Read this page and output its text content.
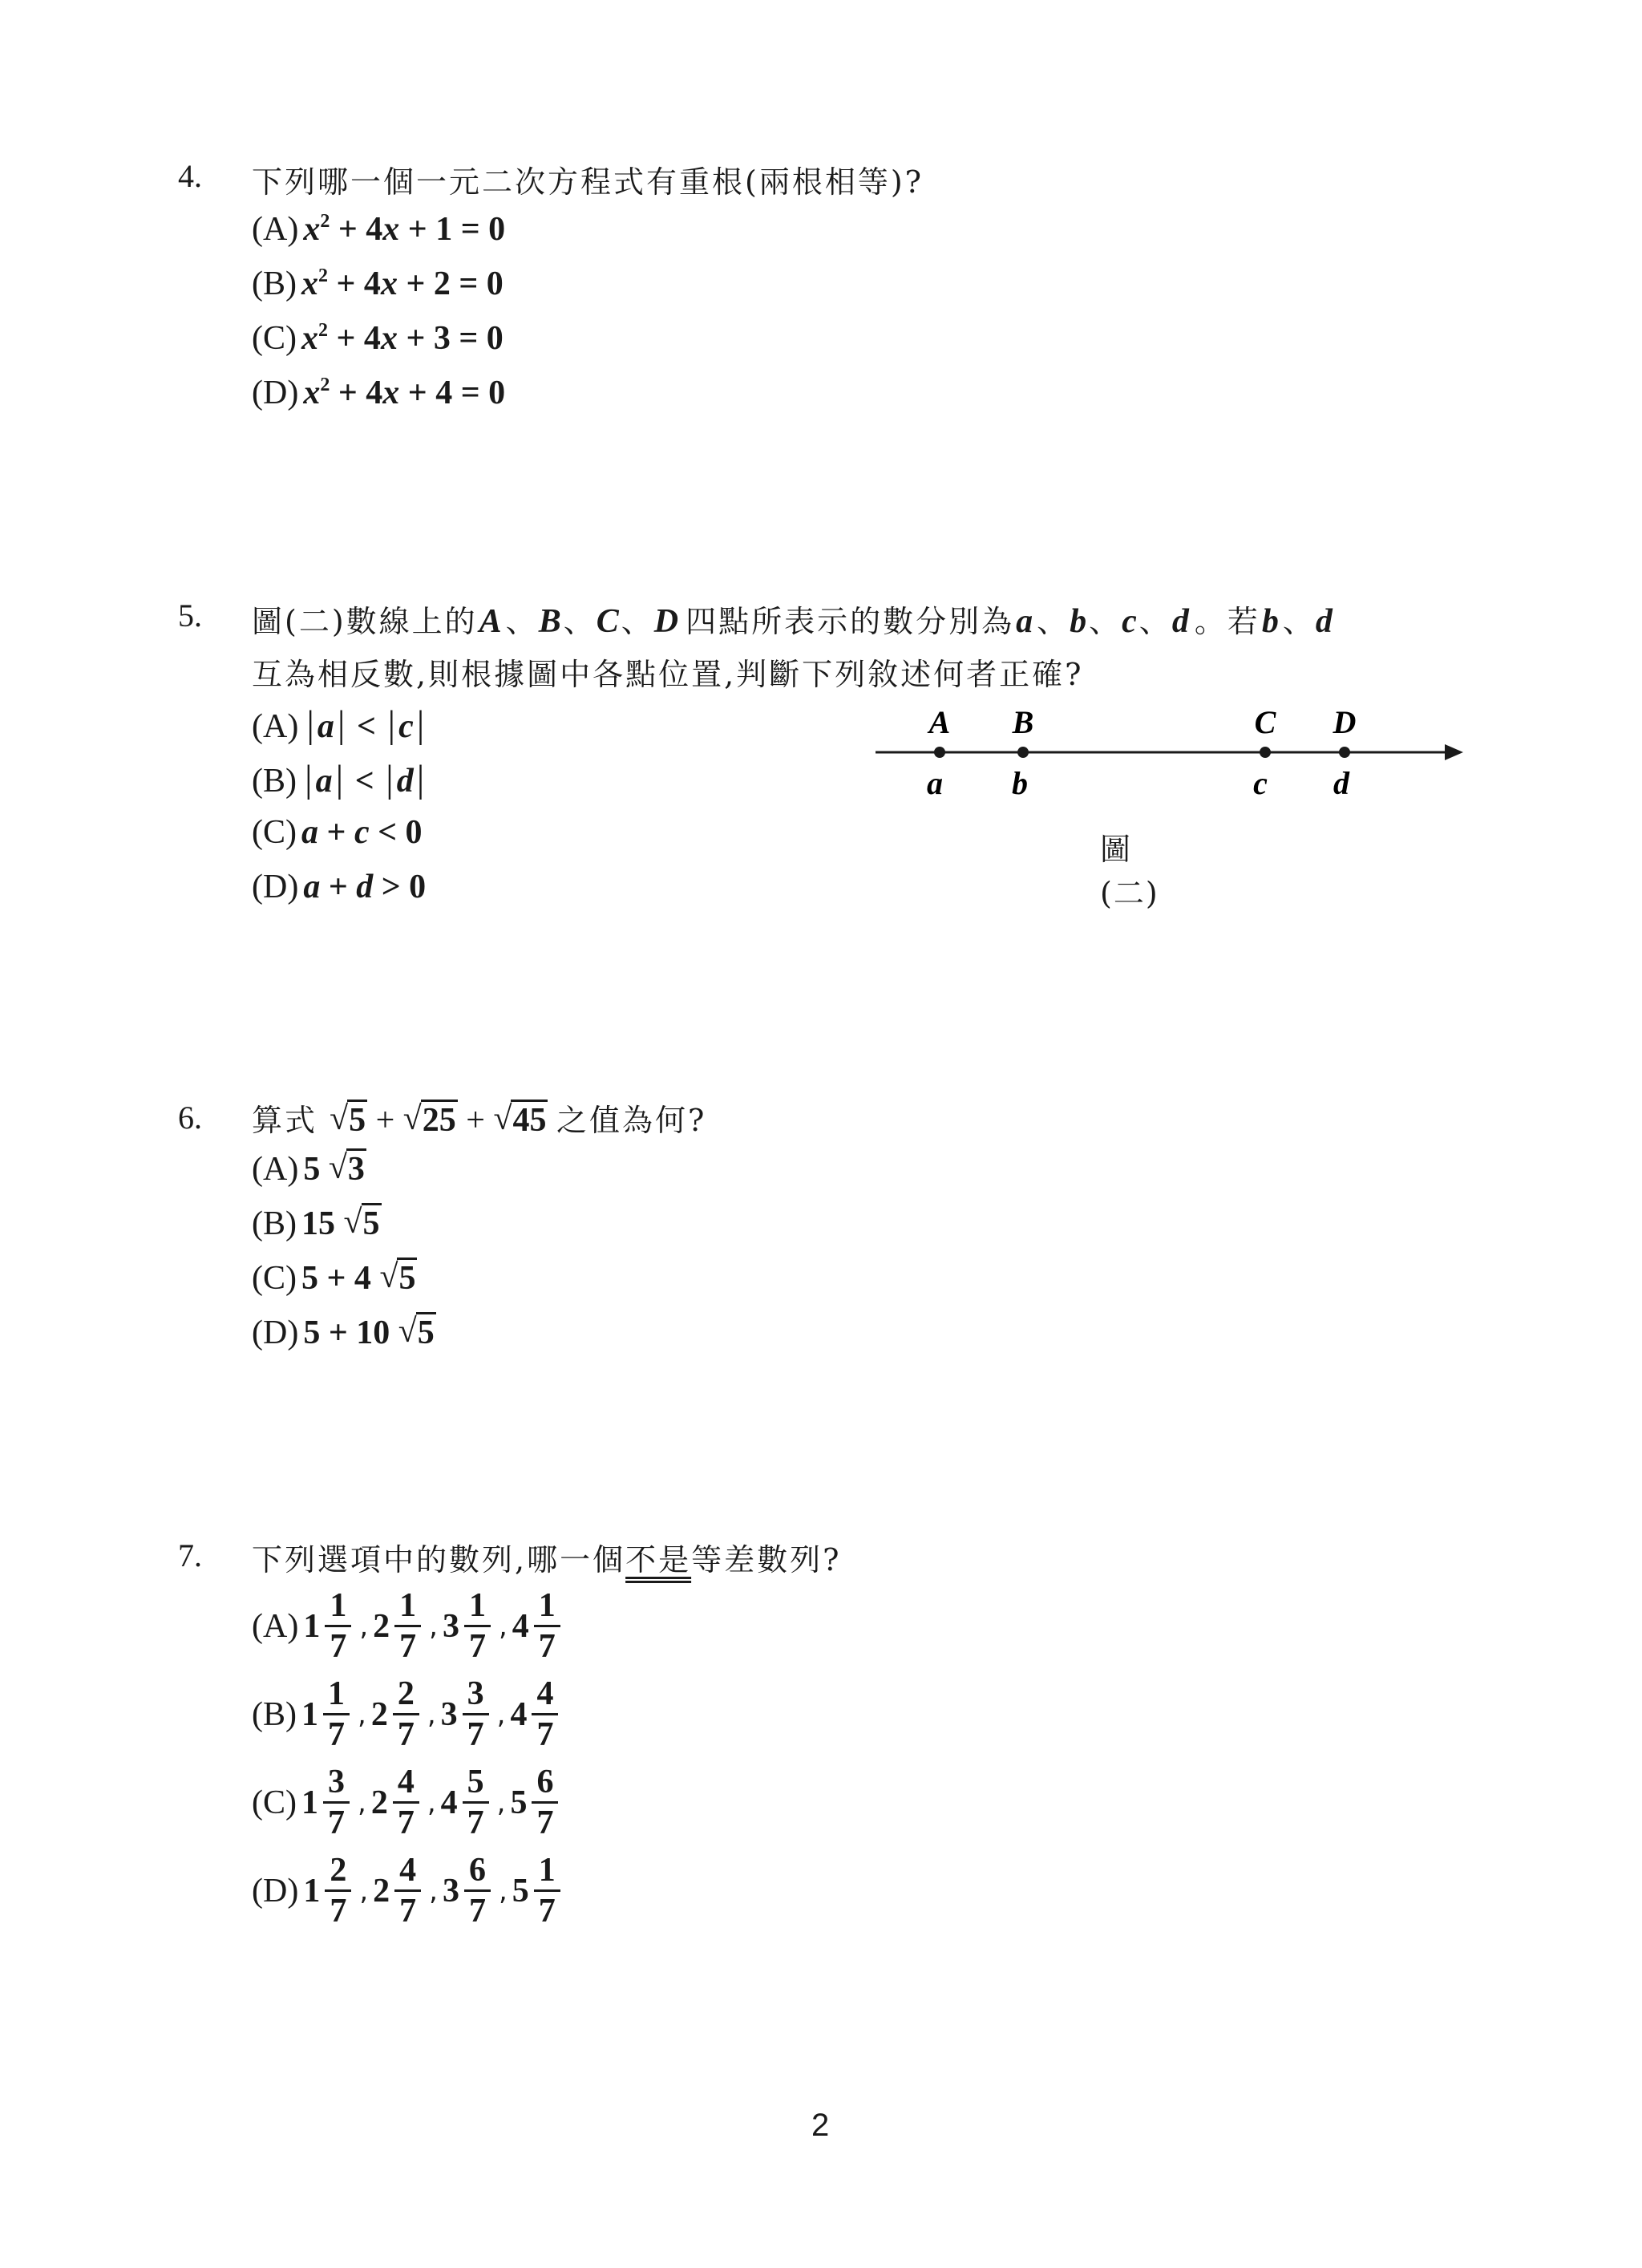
4. 下列哪一個一元二次方程式有重根(兩根相等)?
(A) $x^2 + 4x + 1 = 0$
(B) $x^2 + 4x + 2 = 0$
(C) $x^2 + 4x + 3 = 0$
(D) $x^2 + 4x + 4 = 0$
5. 圖(二)數線上的A、B、C、D 四點所表示的數分別為a、b、c、d 。若b、d
互為相反數,則根據圖中各點位置,判斷下列敘述何者正確?
(A) |a| < |c|
(B) |a| < |d|
(C) a + c < 0
(D) a + d > 0
A B	C D
a b	c d
圖(二)
6. 算式 √ 5 + √ 25 + √ 45 之值為何?
(A) 5 √ 3
(B) 15 √ 5
(C) 5 + 4 √ 5
(D) 5 + 10 √ 5
7. 下列選項中的數列,哪一個不是等差數列?
(A) $1 \frac{1}{7}$ , $2 \frac{1}{7}$ , $3 \frac{1}{7}$ , $4 \frac{1}{7}$
(B) $1 \frac{1}{7}$ , $2 \frac{2}{7}$ , $3 \frac{3}{7}$ , $4 \frac{4}{7}$
(C) $1 \frac{3}{7}$ , $2 \frac{4}{7}$ , $4 \frac{5}{7}$ , $5 \frac{6}{7}$
(D) $1 \frac{2}{7}$ , $2 \frac{4}{7}$ , $3 \frac{6}{7}$ , $5 \frac{1}{7}$
2
